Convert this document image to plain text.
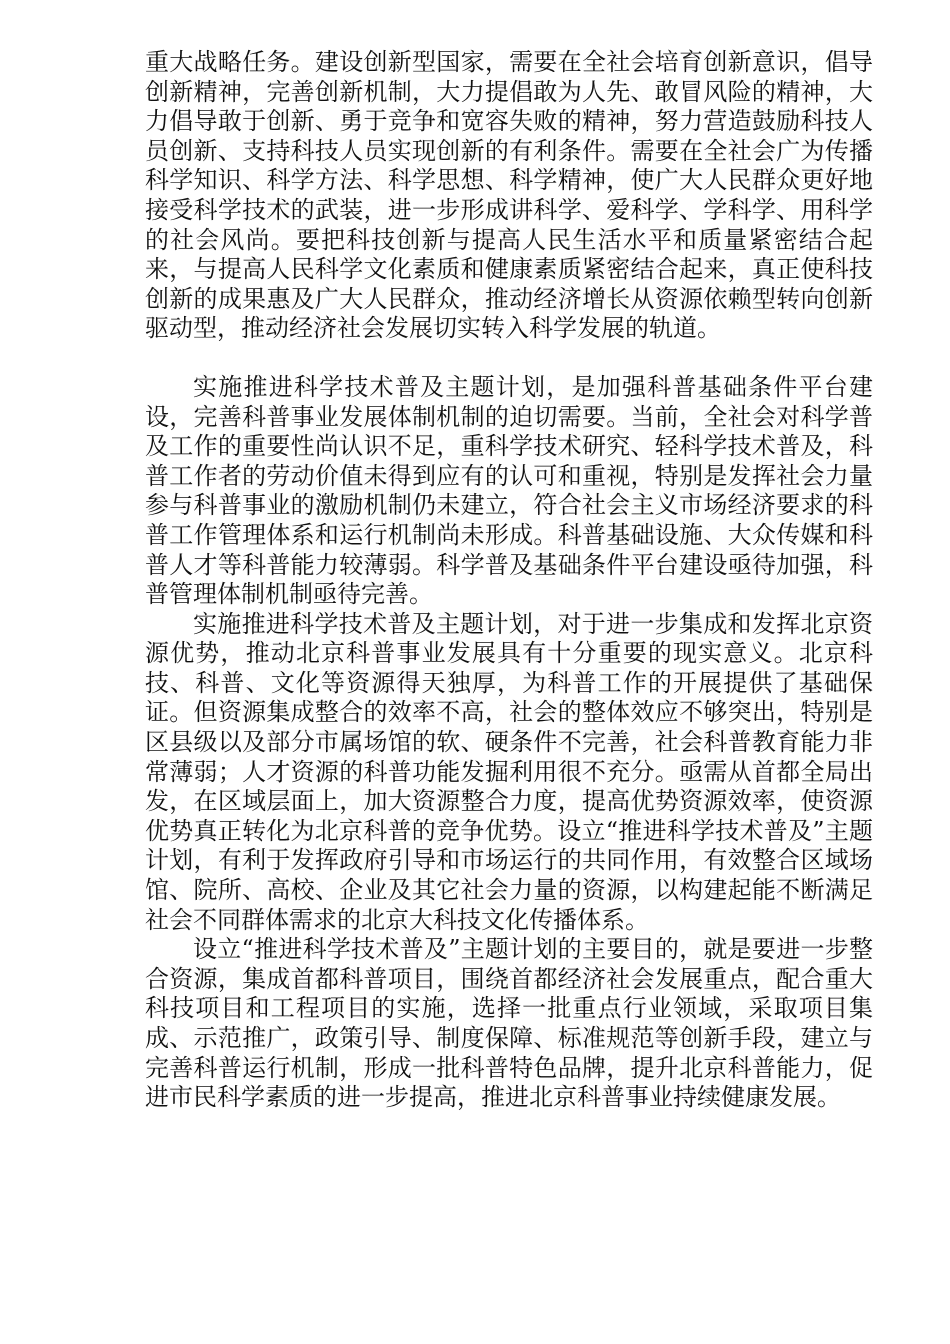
重大战略任务。建设创新型国家，需要在全社会培育创新意识，倡导创新精神，完善创新机制，大力提倡敢为人先、敢冒风险的精神，大力倡导敢于创新、勇于竞争和宽容失败的精神，努力营造鼓励科技人员创新、支持科技人员实现创新的有利条件。需要在全社会广为传播科学知识、科学方法、科学思想、科学精神，使广大人民群众更好地接受科学技术的武装，进一步形成讲科学、爱科学、学科学、用科学的社会风尚。要把科技创新与提高人民生活水平和质量紧密结合起来，与提高人民科学文化素质和健康素质紧密结合起来，真正使科技创新的成果惠及广大人民群众，推动经济增长从资源依赖型转向创新驱动型，推动经济社会发展切实转入科学发展的轨道。

实施推进科学技术普及主题计划，是加强科普基础条件平台建设，完善科普事业发展体制机制的迫切需要。当前，全社会对科学普及工作的重要性尚认识不足，重科学技术研究、轻科学技术普及，科普工作者的劳动价值未得到应有的认可和重视，特别是发挥社会力量参与科普事业的激励机制仍未建立，符合社会主义市场经济要求的科普工作管理体系和运行机制尚未形成。科普基础设施、大众传媒和科普人才等科普能力较薄弱。科学普及基础条件平台建设亟待加强，科普管理体制机制亟待完善。

实施推进科学技术普及主题计划，对于进一步集成和发挥北京资源优势，推动北京科普事业发展具有十分重要的现实意义。北京科技、科普、文化等资源得天独厚，为科普工作的开展提供了基础保证。但资源集成整合的效率不高，社会的整体效应不够突出，特别是区县级以及部分市属场馆的软、硬条件不完善，社会科普教育能力非常薄弱；人才资源的科普功能发掘利用很不充分。亟需从首都全局出发，在区域层面上，加大资源整合力度，提高优势资源效率，使资源优势真正转化为北京科普的竞争优势。设立“推进科学技术普及”主题计划，有利于发挥政府引导和市场运行的共同作用，有效整合区域场馆、院所、高校、企业及其它社会力量的资源，以构建起能不断满足社会不同群体需求的北京大科技文化传播体系。

设立“推进科学技术普及”主题计划的主要目的，就是要进一步整合资源，集成首都科普项目，围绕首都经济社会发展重点，配合重大科技项目和工程项目的实施，选择一批重点行业领域，采取项目集成、示范推广，政策引导、制度保障、标准规范等创新手段，建立与完善科普运行机制，形成一批科普特色品牌，提升北京科普能力，促进市民科学素质的进一步提高，推进北京科普事业持续健康发展。
